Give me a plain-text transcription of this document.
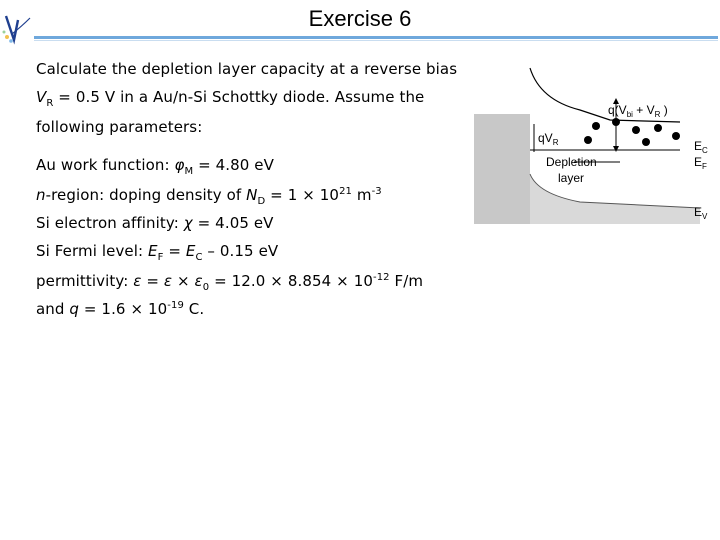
Exercise 6
Calculate the depletion layer capacity at a reverse bias
$V_R = 0.5$ V in a Au/n-Si Schottky diode. Assume the
following parameters:
Au work function: $\varphi_M = 4.80$ eV
n-region: doping density of $N_D = 1 \times 10^{21}$ $m^{-3}$
Si electron affinity: χ = 4.05 eV
Si Fermi level: $E_F = E_C - 0.15$ eV
permittivity: $\varepsilon = \varepsilon \times \varepsilon_0 = 12.0 \times 8.854 \times 10^{-12}$ F/m
and $q = 1.6 \times 10^{-19}$ C.
$q(V_{bi} + V_R$ )
$qV_R$
Depletion
layer
$E_C$
$E_F$
$E_V$
